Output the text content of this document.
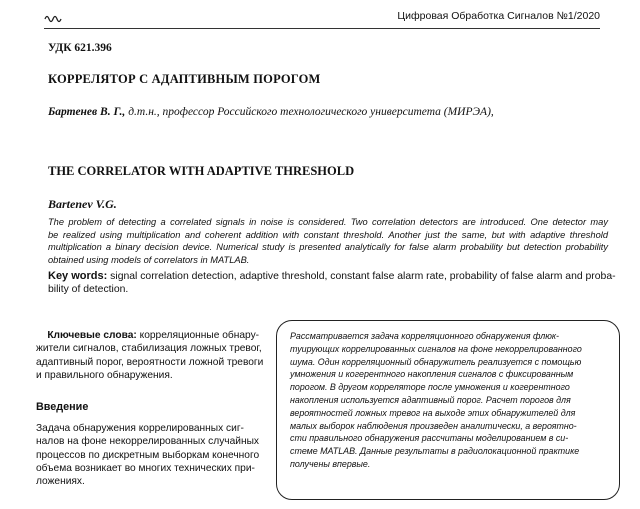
Цифровая Обработка Сигналов №1/2020
УДК 621.396
КОРРЕЛЯТОР С АДАПТИВНЫМ ПОРОГОМ
Бартенев В. Г., д.т.н., профессор Российского технологического университета (МИРЭА),
THE CORRELATOR WITH ADAPTIVE THRESHOLD
Bartenev V.G.
The problem of detecting a correlated signals in noise is considered. Two correlation detectors are introduced. One detector may
be realized using multiplication and coherent addition with constant threshold. Another just the same, but with adaptive threshold
multiplication a binary decision device. Numerical study is presented analytically for false alarm probability but detection probability
obtained using models of correlators in MATLAB.
Key words: signal correlation detection, adaptive threshold, constant false alarm rate, probability of false alarm and proba-
bility of detection.
Ключевые слова: корреляционные обнару-
жители сигналов, стабилизация ложных тревог,
адаптивный порог, вероятности ложной тревоги
и правильного обнаружения.
Введение
Задача обнаружения коррелированных сиг-
налов на фоне некоррелированных случайных
процессов по дискретным выборкам конечного
объема возникает во многих технических при-
ложениях.
Рассматривается задача корреляционного обнаружения флюк-
туирующих коррелированных сигналов на фоне некоррелированного
шума. Один корреляционный обнаружитель реализуется с помощью
умножения и когерентного накопления сигналов с фиксированным
порогом. В другом корреляторе после умножения и когерентного
накопления используется адаптивный порог. Расчет порогов для
вероятностей ложных тревог на выходе этих обнаружителей для
малых выборок наблюдения произведен аналитически, а вероятно-
сти правильного обнаружения рассчитаны моделированием в си-
стеме MATLAB. Данные результаты в радиолокационной практике
получены впервые.
